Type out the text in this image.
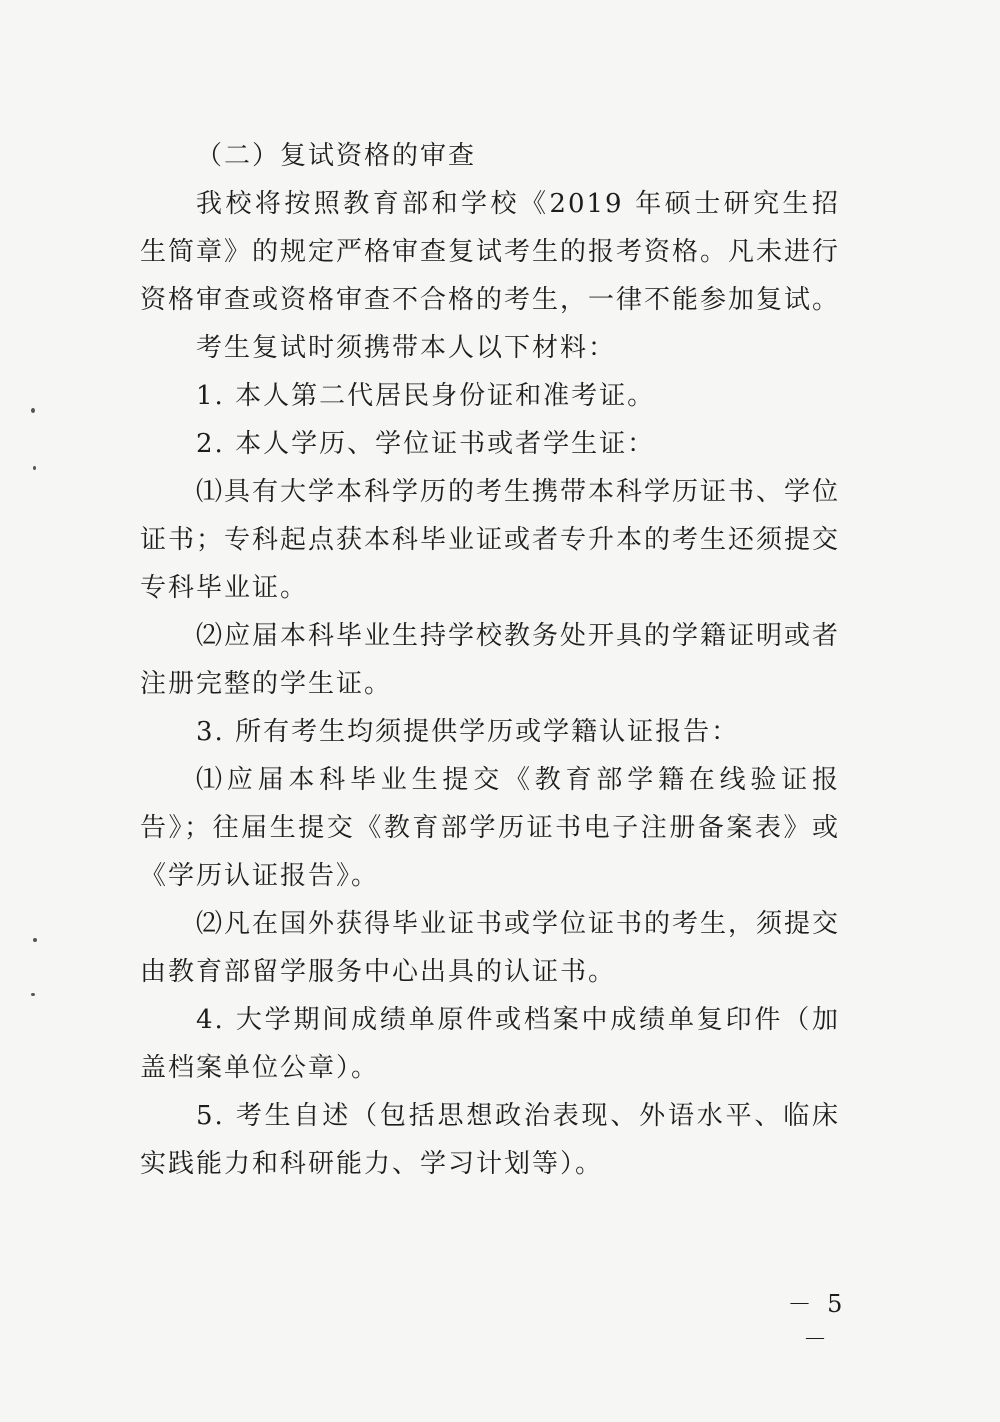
（二）复试资格的审查

我校将按照教育部和学校《2019 年硕士研究生招生简章》的规定严格审查复试考生的报考资格。凡未进行资格审查或资格审查不合格的考生，一律不能参加复试。

考生复试时须携带本人以下材料：

1. 本人第二代居民身份证和准考证。

2. 本人学历、学位证书或者学生证：

⑴具有大学本科学历的考生携带本科学历证书、学位证书；专科起点获本科毕业证或者专升本的考生还须提交专科毕业证。

⑵应届本科毕业生持学校教务处开具的学籍证明或者注册完整的学生证。

3. 所有考生均须提供学历或学籍认证报告：

⑴应届本科毕业生提交《教育部学籍在线验证报告》；往届生提交《教育部学历证书电子注册备案表》或《学历认证报告》。

⑵凡在国外获得毕业证书或学位证书的考生，须提交由教育部留学服务中心出具的认证书。

4. 大学期间成绩单原件或档案中成绩单复印件（加盖档案单位公章）。

5. 考生自述（包括思想政治表现、外语水平、临床实践能力和科研能力、学习计划等）。

－ 5 －
